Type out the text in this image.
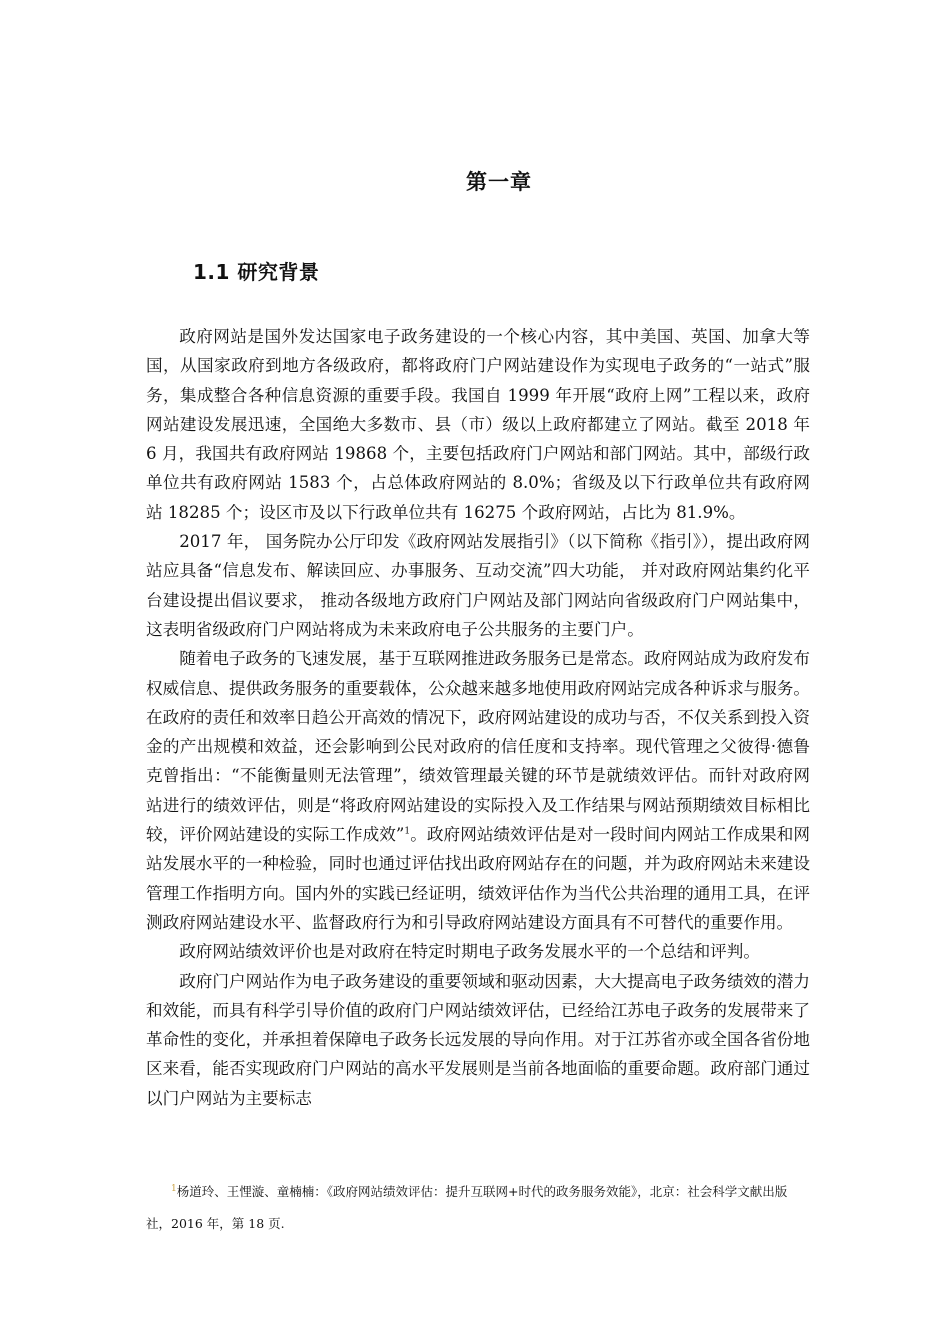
第一章
1.1 研究背景

政府网站是国外发达国家电子政务建设的一个核心内容，其中美国、英国、加拿大等国，从国家政府到地方各级政府，都将政府门户网站建设作为实现电子政务的“一站式”服务，集成整合各种信息资源的重要手段。我国自 1999 年开展“政府上网”工程以来，政府网站建设发展迅速，全国绝大多数市、县（市）级以上政府都建立了网站。截至 2018 年 6 月，我国共有政府网站 19868 个，主要包括政府门户网站和部门网站。其中，部级行政单位共有政府网站 1583 个，占总体政府网站的 8.0%；省级及以下行政单位共有政府网站 18285 个；设区市及以下行政单位共有 16275 个政府网站，占比为 81.9%。

2017 年， 国务院办公厅印发《政府网站发展指引》（以下简称《指引》），提出政府网站应具备“信息发布、解读回应、办事服务、互动交流”四大功能， 并对政府网站集约化平台建设提出倡议要求， 推动各级地方政府门户网站及部门网站向省级政府门户网站集中， 这表明省级政府门户网站将成为未来政府电子公共服务的主要门户。

随着电子政务的飞速发展，基于互联网推进政务服务已是常态。政府网站成为政府发布权威信息、提供政务服务的重要载体，公众越来越多地使用政府网站完成各种诉求与服务。在政府的责任和效率日趋公开高效的情况下，政府网站建设的成功与否，不仅关系到投入资金的产出规模和效益，还会影响到公民对政府的信任度和支持率。现代管理之父彼得·德鲁克曾指出：“不能衡量则无法管理”，绩效管理最关键的环节是就绩效评估。而针对政府网站进行的绩效评估，则是“将政府网站建设的实际投入及工作结果与网站预期绩效目标相比较，评价网站建设的实际工作成效”$^1$。政府网站绩效评估是对一段时间内网站工作成果和网站发展水平的一种检验，同时也通过评估找出政府网站存在的问题，并为政府网站未来建设管理工作指明方向。国内外的实践已经证明，绩效评估作为当代公共治理的通用工具，在评测政府网站建设水平、监督政府行为和引导政府网站建设方面具有不可替代的重要作用。

政府网站绩效评价也是对政府在特定时期电子政务发展水平的一个总结和评判。

政府门户网站作为电子政务建设的重要领域和驱动因素，大大提高电子政务绩效的潜力和效能，而具有科学引导价值的政府门户网站绩效评估，已经给江苏电子政务的发展带来了革命性的变化，并承担着保障电子政务长远发展的导向作用。对于江苏省亦或全国各省份地区来看，能否实现政府门户网站的高水平发展则是当前各地面临的重要命题。政府部门通过以门户网站为主要标志

$^1$杨道玲、王悝漩、童楠楠：《政府网站绩效评估：提升互联网+时代的政务服务效能》，北京：社会科学文献出版社，2016 年，第 18 页.
